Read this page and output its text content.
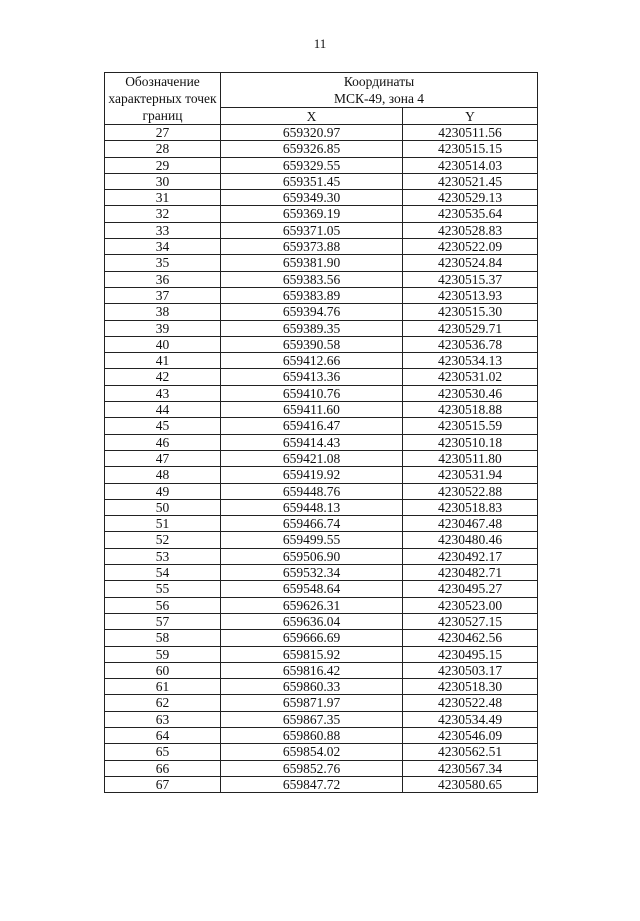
11
Обозначение характерных точек границ	Координаты
МСК-49, зона 4	

	X	Y
27	659320.97	4230511.56
28	659326.85	4230515.15
29	659329.55	4230514.03
30	659351.45	4230521.45
31	659349.30	4230529.13
32	659369.19	4230535.64
33	659371.05	4230528.83
34	659373.88	4230522.09
35	659381.90	4230524.84
36	659383.56	4230515.37
37	659383.89	4230513.93
38	659394.76	4230515.30
39	659389.35	4230529.71
40	659390.58	4230536.78
41	659412.66	4230534.13
42	659413.36	4230531.02
43	659410.76	4230530.46
44	659411.60	4230518.88
45	659416.47	4230515.59
46	659414.43	4230510.18
47	659421.08	4230511.80
48	659419.92	4230531.94
49	659448.76	4230522.88
50	659448.13	4230518.83
51	659466.74	4230467.48
52	659499.55	4230480.46
53	659506.90	4230492.17
54	659532.34	4230482.71
55	659548.64	4230495.27
56	659626.31	4230523.00
57	659636.04	4230527.15
58	659666.69	4230462.56
59	659815.92	4230495.15
60	659816.42	4230503.17
61	659860.33	4230518.30
62	659871.97	4230522.48
63	659867.35	4230534.49
64	659860.88	4230546.09
65	659854.02	4230562.51
66	659852.76	4230567.34
67	659847.72	4230580.65
